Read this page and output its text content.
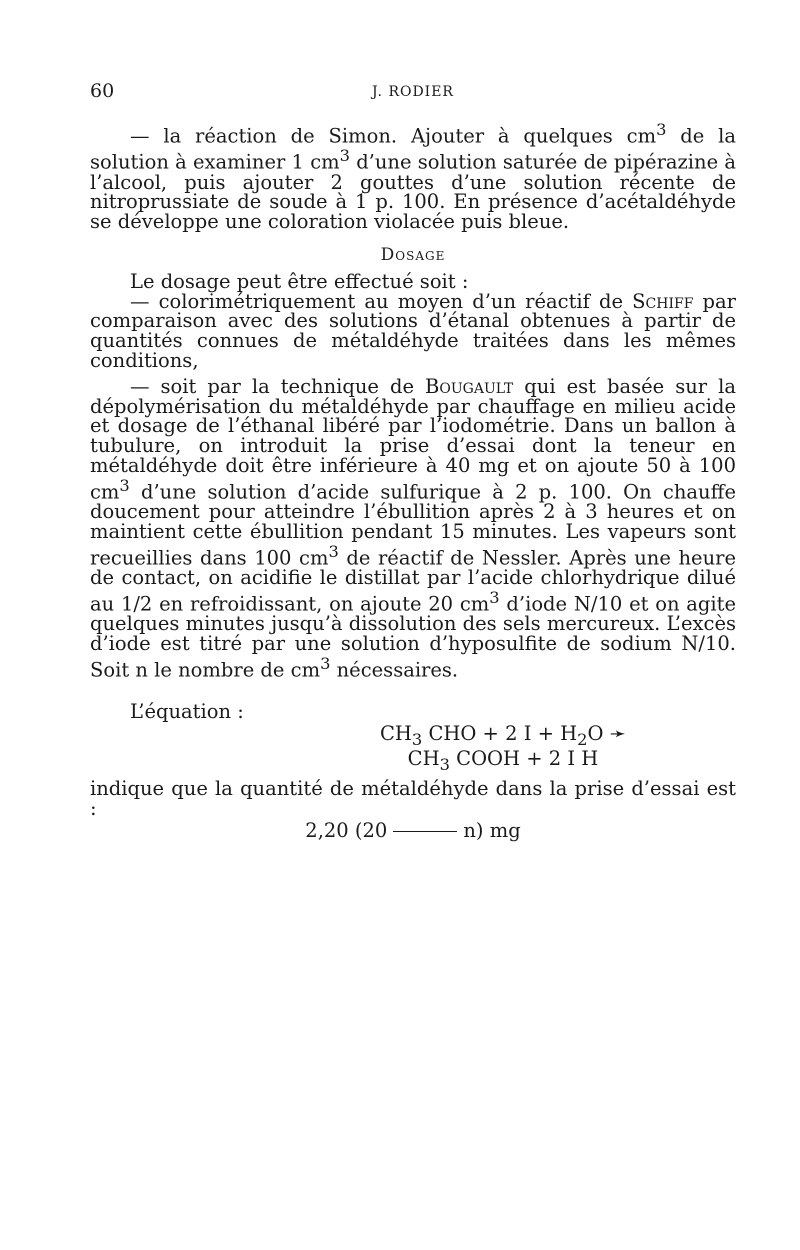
60	J. RODIER

— la réaction de Simon. Ajouter à quelques $cm^3$ de la solution à examiner 1 $cm^3$ d’une solution saturée de pipérazine à l’alcool, puis ajouter 2 gouttes d’une solution récente de nitroprussiate de soude à 1 p. 100. En présence d’acétaldéhyde se développe une coloration violacée puis bleue.

Dosage

Le dosage peut être effectué soit :

— colorimétriquement au moyen d’un réactif de Schiff par comparaison avec des solutions d’étanal obtenues à partir de quantités connues de métaldéhyde traitées dans les mêmes conditions,

— soit par la technique de Bougault qui est basée sur la dépolymérisation du métaldéhyde par chauffage en milieu acide et dosage de l’éthanal libéré par l’iodométrie. Dans un ballon à tubulure, on introduit la prise d’essai dont la teneur en métaldéhyde doit être inférieure à 40 mg et on ajoute 50 à 100 $cm^3$ d’une solution d’acide sulfurique à 2 p. 100. On chauffe doucement pour atteindre l’ébullition après 2 à 3 heures et on maintient cette ébullition pendant 15 minutes. Les vapeurs sont recueillies dans 100 $cm^3$ de réactif de Nessler. Après une heure de contact, on acidifie le distillat par l’acide chlorhydrique dilué au 1/2 en refroidissant, on ajoute 20 $cm^3$ d’iode N/10 et on agite quelques minutes jusqu’à dissolution des sels mercureux. L’excès d’iode est titré par une solution d’hyposulfite de sodium N/10. Soit n le nombre de $cm^3$ nécessaires.

L’équation :

$CH_3$ CHO + 2 $I + H_2O$ ➛
$CH_3$ COOH + 2 I H

indique que la quantité de métaldéhyde dans la prise d’essai est :

2,20 (20	n) mg
